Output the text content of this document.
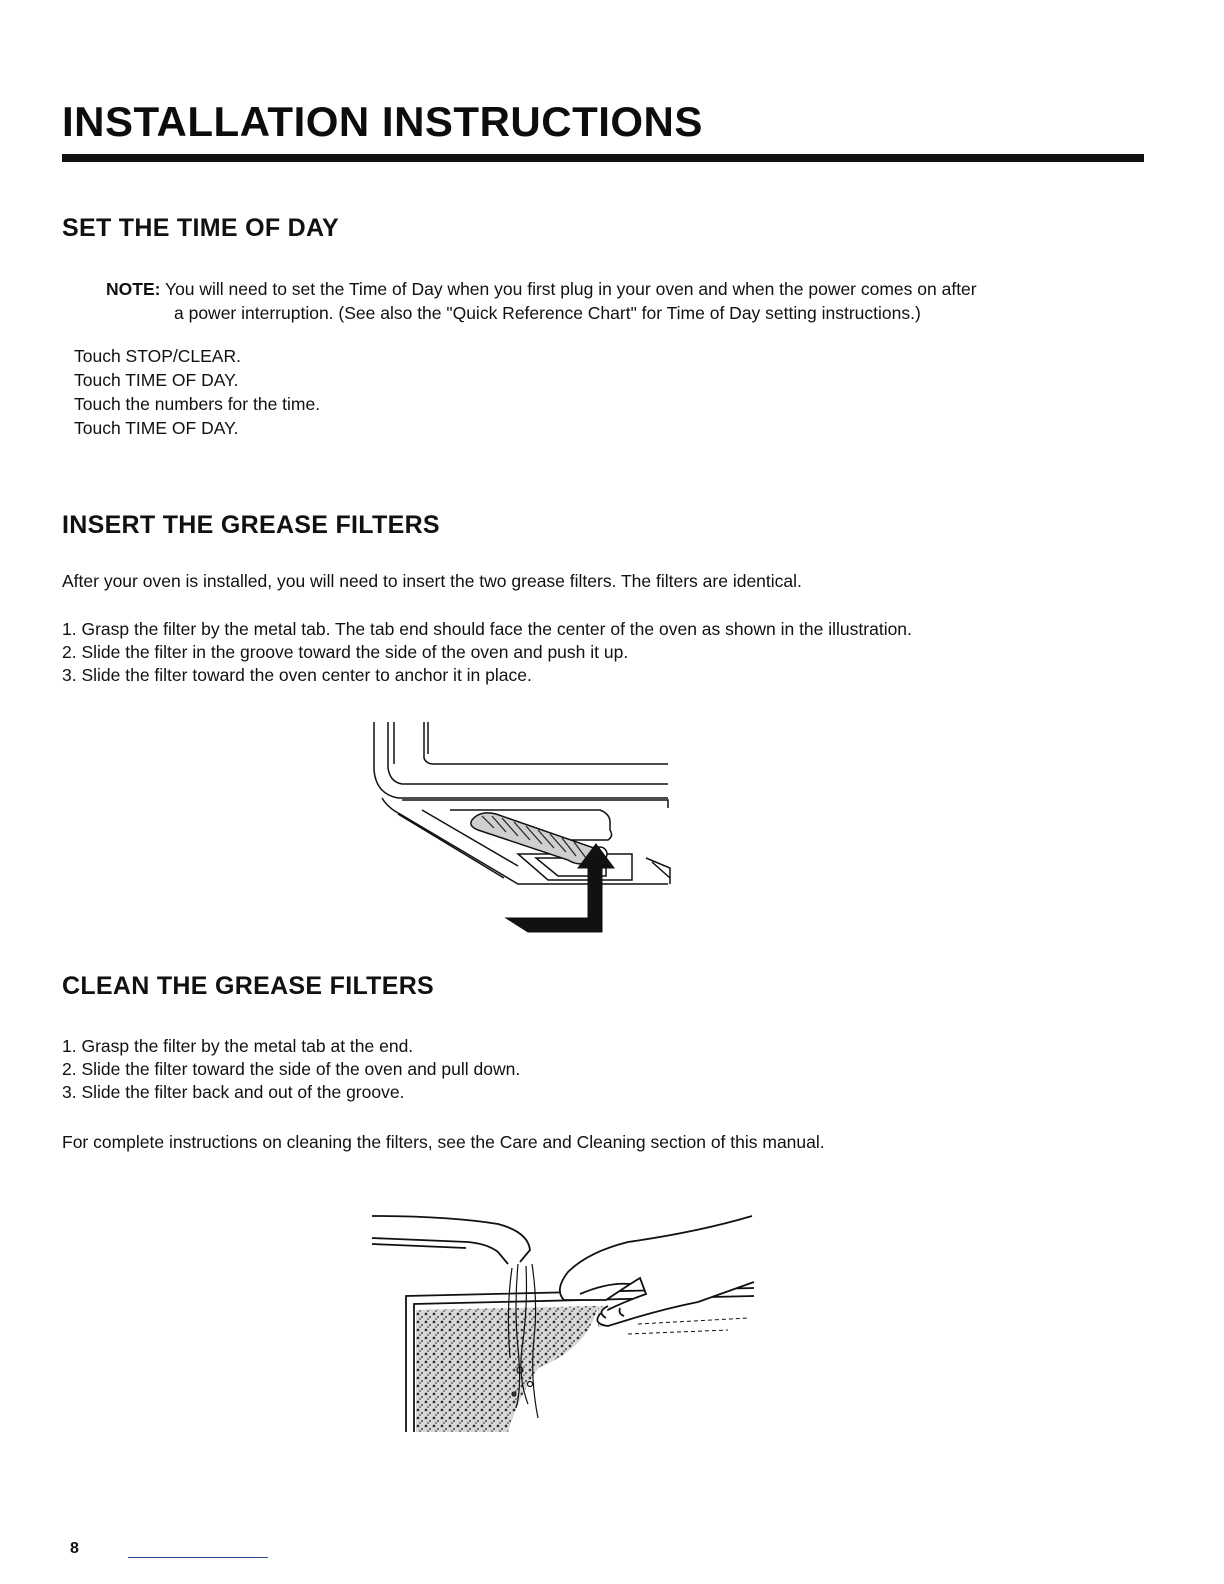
INSTALLATION INSTRUCTIONS
SET THE TIME OF DAY
NOTE: You will need to set the Time of Day when you first plug in your oven and when the power comes on after
a power interruption. (See also the "Quick Reference Chart" for Time of Day setting instructions.)
Touch STOP/CLEAR.
Touch TIME OF DAY.
Touch the numbers for the time.
Touch TIME OF DAY.
INSERT THE GREASE FILTERS

After your oven is installed, you will need to insert the two grease filters. The filters are identical.

1. Grasp the filter by the metal tab. The tab end should face the center of the oven as shown in the illustration.
2. Slide the filter in the groove toward the side of the oven and push it up.
3. Slide the filter toward the oven center to anchor it in place.
CLEAN THE GREASE FILTERS
1. Grasp the filter by the metal tab at the end.
2. Slide the filter toward the side of the oven and pull down.
3. Slide the filter back and out of the groove.

For complete instructions on cleaning the filters, see the Care and Cleaning section of this manual.

8
